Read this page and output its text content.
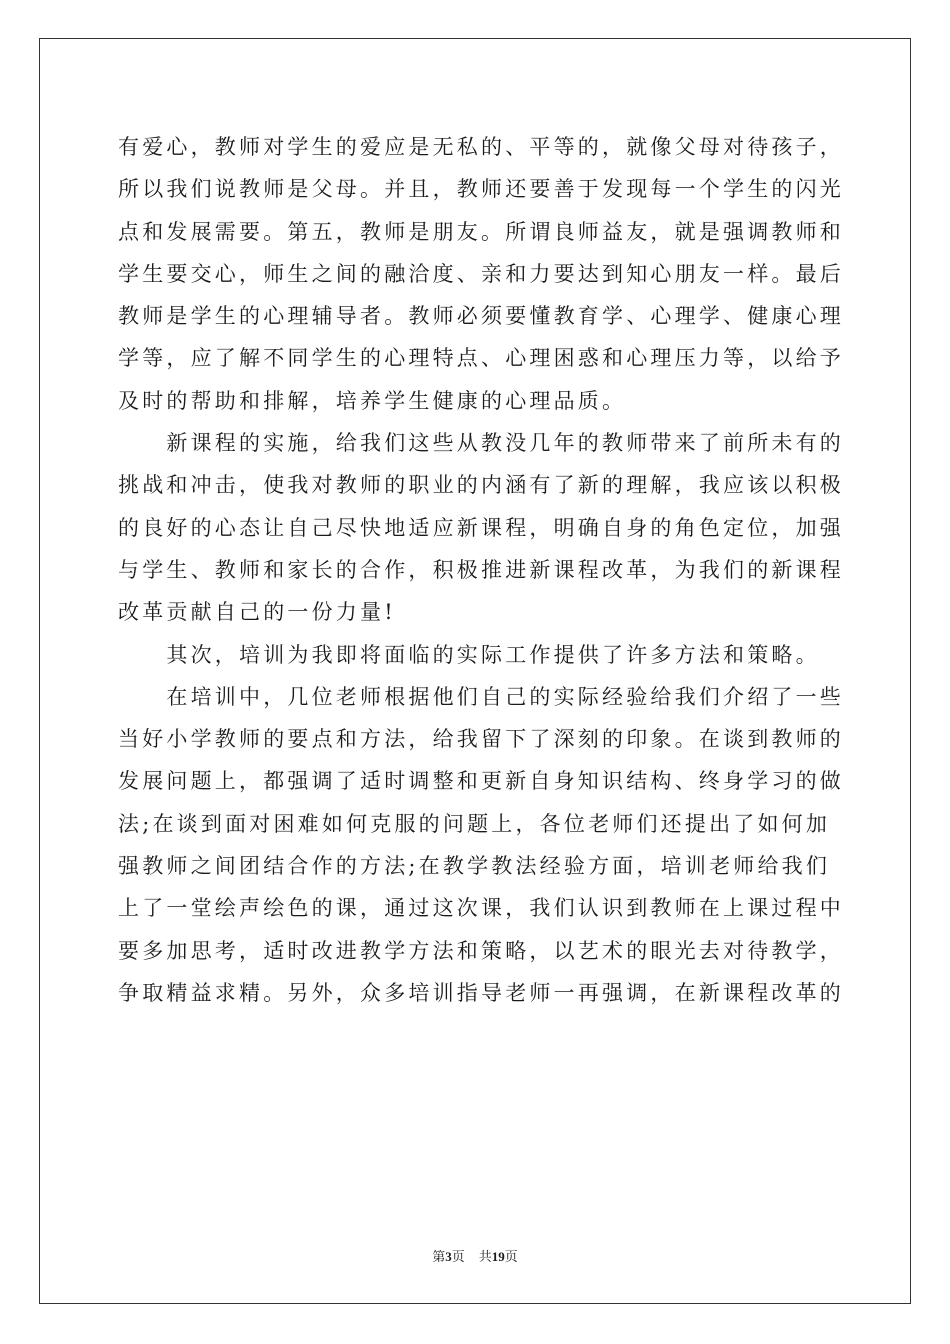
有爱心，教师对学生的爱应是无私的、平等的，就像父母对待孩子，
所以我们说教师是父母。并且，教师还要善于发现每一个学生的闪光
点和发展需要。第五，教师是朋友。所谓良师益友，就是强调教师和
学生要交心，师生之间的融洽度、亲和力要达到知心朋友一样。最后
教师是学生的心理辅导者。教师必须要懂教育学、心理学、健康心理
学等，应了解不同学生的心理特点、心理困惑和心理压力等，以给予
及时的帮助和排解，培养学生健康的心理品质。
　　新课程的实施，给我们这些从教没几年的教师带来了前所未有的
挑战和冲击，使我对教师的职业的内涵有了新的理解，我应该以积极
的良好的心态让自己尽快地适应新课程，明确自身的角色定位，加强
与学生、教师和家长的合作，积极推进新课程改革，为我们的新课程
改革贡献自己的一份力量!
　　其次，培训为我即将面临的实际工作提供了许多方法和策略。
　　在培训中，几位老师根据他们自己的实际经验给我们介绍了一些
当好小学教师的要点和方法，给我留下了深刻的印象。在谈到教师的
发展问题上，都强调了适时调整和更新自身知识结构、终身学习的做
法;在谈到面对困难如何克服的问题上，各位老师们还提出了如何加
强教师之间团结合作的方法;在教学教法经验方面，培训老师给我们
上了一堂绘声绘色的课，通过这次课，我们认识到教师在上课过程中
要多加思考，适时改进教学方法和策略，以艺术的眼光去对待教学，
争取精益求精。另外，众多培训指导老师一再强调，在新课程改革的
第3页 共19页
